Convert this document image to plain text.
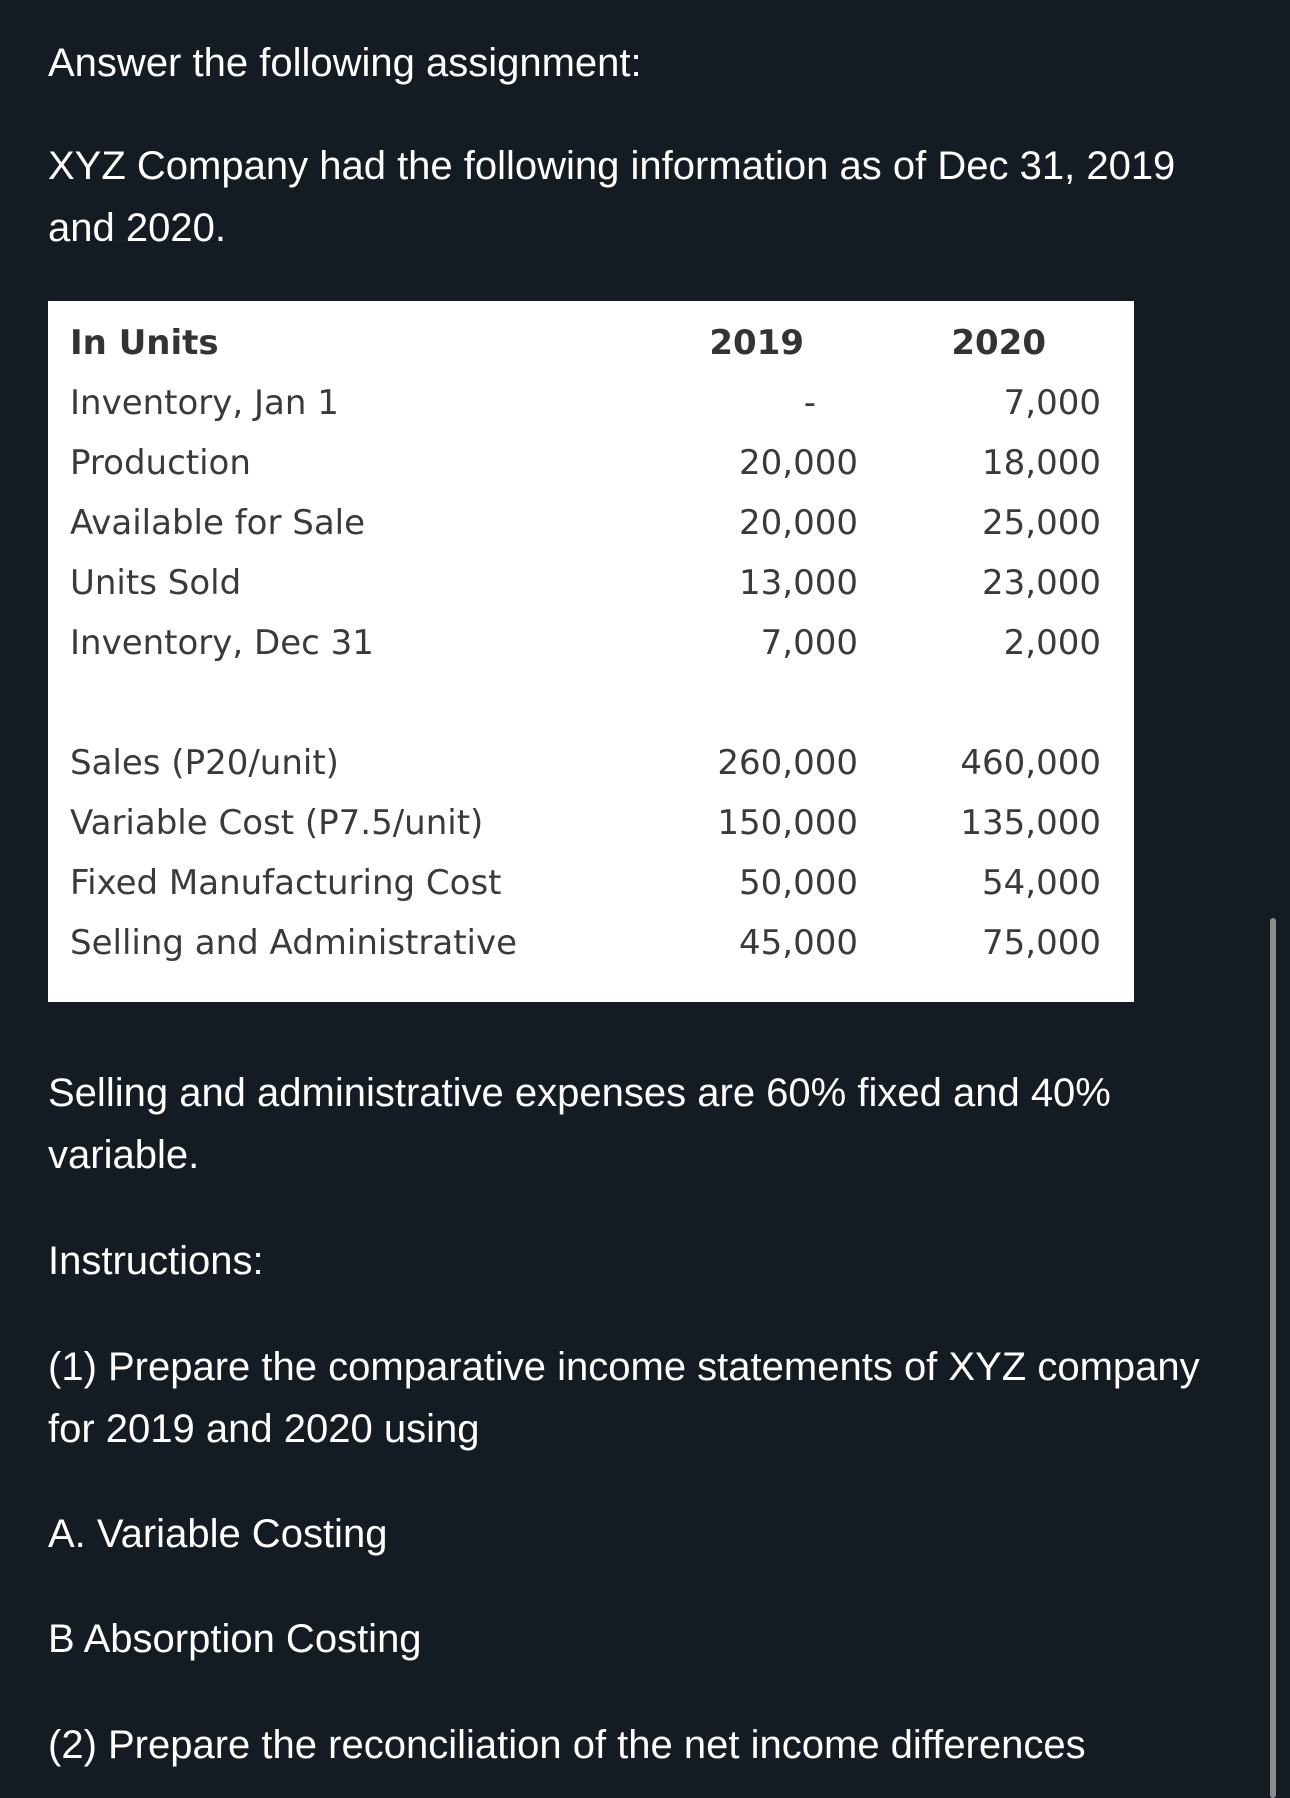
Answer the following assignment:

XYZ Company had the following information as of Dec 31, 2019

and 2020.

In Units	2019	2020
Inventory, Jan 1	-	7,000
Production	20,000	18,000
Available for Sale	20,000	25,000
Units Sold	13,000	23,000
Inventory, Dec 31	7,000	2,000
Sales (P20/unit)	260,000	460,000
Variable Cost (P7.5/unit)	150,000	135,000
Fixed Manufacturing Cost	50,000	54,000
Selling and Administrative	45,000	75,000

Selling and administrative expenses are 60% fixed and 40%

variable.

Instructions:

(1) Prepare the comparative income statements of XYZ company

for 2019 and 2020 using

A. Variable Costing

B Absorption Costing

(2) Prepare the reconciliation of the net income differences
